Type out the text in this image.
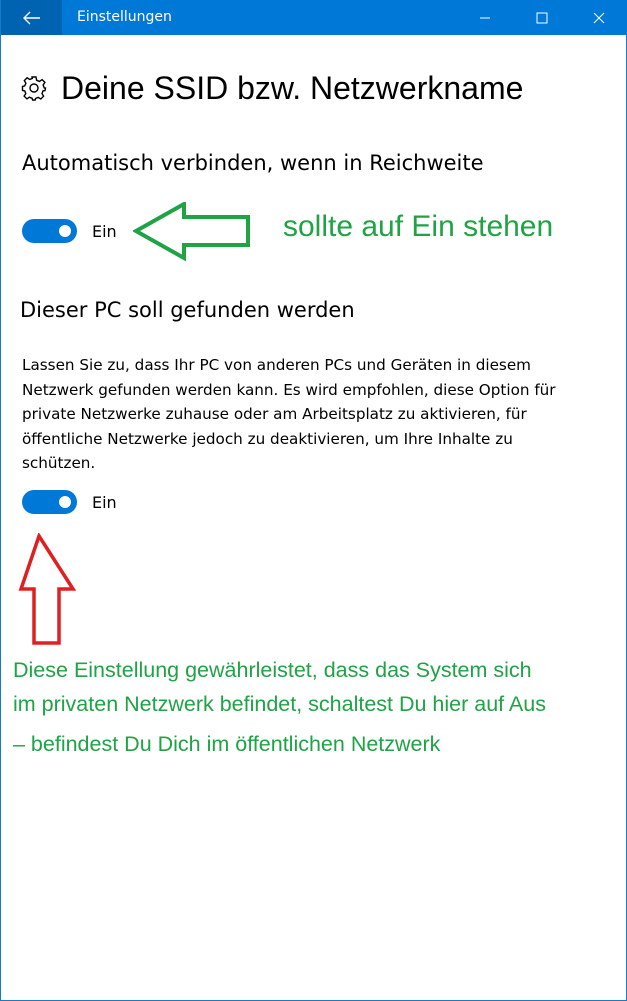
Einstellungen
Deine SSID bzw. Netzwerkname
Automatisch verbinden, wenn in Reichweite
Ein	sollte auf Ein stehen
Dieser PC soll gefunden werden
Lassen Sie zu, dass Ihr PC von anderen PCs und Geräten in diesem Netzwerk gefunden werden kann. Es wird empfohlen, diese Option für private Netzwerke zuhause oder am Arbeitsplatz zu aktivieren, für öffentliche Netzwerke jedoch zu deaktivieren, um Ihre Inhalte zu schützen.
Ein
Diese Einstellung gewährleistet, dass das System sich
im privaten Netzwerk befindet, schaltest Du hier auf Aus
– befindest Du Dich im öffentlichen Netzwerk
